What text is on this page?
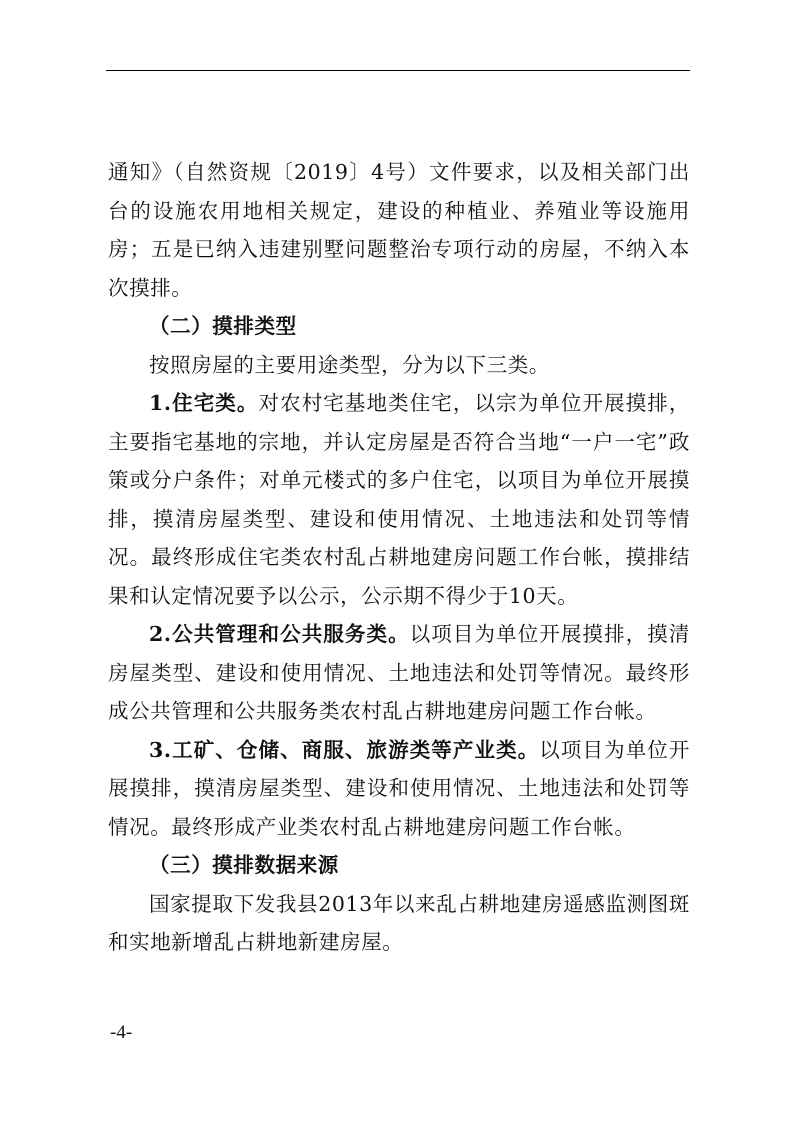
通知》（自然资规〔2019〕4号）文件要求，以及相关部门出台的设施农用地相关规定，建设的种植业、养殖业等设施用房；五是已纳入违建别墅问题整治专项行动的房屋，不纳入本次摸排。

（二）摸排类型

按照房屋的主要用途类型，分为以下三类。

1.住宅类。对农村宅基地类住宅，以宗为单位开展摸排，主要指宅基地的宗地，并认定房屋是否符合当地“一户一宅”政策或分户条件；对单元楼式的多户住宅，以项目为单位开展摸排，摸清房屋类型、建设和使用情况、土地违法和处罚等情况。最终形成住宅类农村乱占耕地建房问题工作台帐，摸排结果和认定情况要予以公示，公示期不得少于10天。

2.公共管理和公共服务类。以项目为单位开展摸排，摸清房屋类型、建设和使用情况、土地违法和处罚等情况。最终形成公共管理和公共服务类农村乱占耕地建房问题工作台帐。

3.工矿、仓储、商服、旅游类等产业类。以项目为单位开展摸排，摸清房屋类型、建设和使用情况、土地违法和处罚等情况。最终形成产业类农村乱占耕地建房问题工作台帐。

（三）摸排数据来源

国家提取下发我县2013年以来乱占耕地建房遥感监测图斑和实地新增乱占耕地新建房屋。

-4-
